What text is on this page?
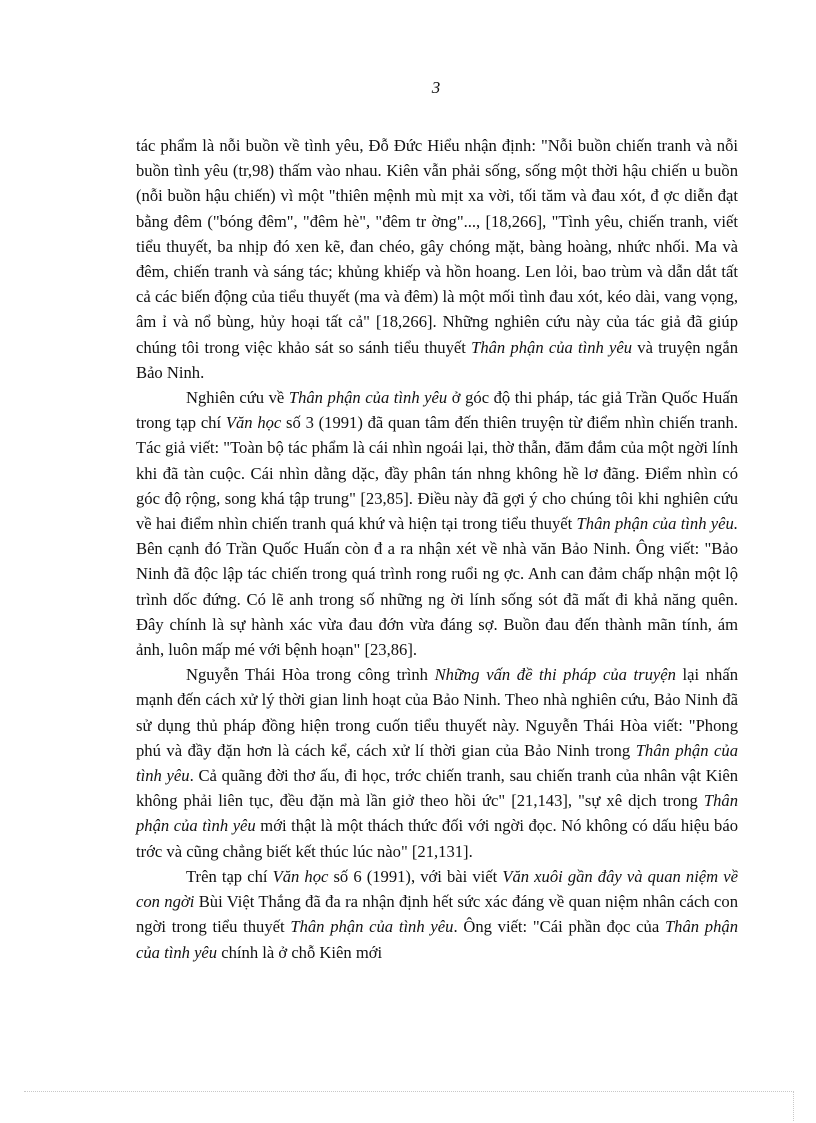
3

tác phẩm là nỗi buồn về tình yêu, Đỗ Đức Hiểu nhận định: "Nỗi buồn chiến tranh và nỗi buồn tình yêu (tr,98) thấm vào nhau. Kiên vẫn phải sống, sống một thời hậu chiến u buồn (nỗi buồn hậu chiến) vì một "thiên mệnh mù mịt xa vời, tối tăm và đau xót, đ ợc diễn đạt bằng đêm ("bóng đêm", "đêm hè", "đêm tr ờng"..., [18,266], "Tình yêu, chiến tranh, viết tiểu thuyết, ba nhịp đó xen kẽ, đan chéo, gây chóng mặt, bàng hoàng, nhức nhối. Ma và đêm, chiến tranh và sáng tác; khủng khiếp và hồn hoang. Len lỏi, bao trùm và dẫn dắt tất cả các biến động của tiểu thuyết (ma và đêm) là một mối tình đau xót, kéo dài, vang vọng, âm ỉ và nổ bùng, hủy hoại tất cả" [18,266]. Những nghiên cứu này của tác giả đã giúp chúng tôi trong việc khảo sát so sánh tiểu thuyết Thân phận của tình yêu và truyện ngắn Bảo Ninh.

Nghiên cứu về Thân phận của tình yêu ở góc độ thi pháp, tác giả Trần Quốc Huấn trong tạp chí Văn học số 3 (1991) đã quan tâm đến thiên truyện từ điểm nhìn chiến tranh. Tác giả viết: "Toàn bộ tác phẩm là cái nhìn ngoái lại, thờ thẫn, đăm đắm của một ngời lính khi đã tàn cuộc. Cái nhìn dằng dặc, đầy phân tán nhng không hề lơ đãng. Điểm nhìn có góc độ rộng, song khá tập trung" [23,85]. Điều này đã gợi ý cho chúng tôi khi nghiên cứu về hai điểm nhìn chiến tranh quá khứ và hiện tại trong tiểu thuyết Thân phận của tình yêu. Bên cạnh đó Trần Quốc Huấn còn đ a ra nhận xét về nhà văn Bảo Ninh. Ông viết: "Bảo Ninh đã độc lập tác chiến trong quá trình rong ruổi ng ợc. Anh can đảm chấp nhận một lộ trình dốc đứng. Có lẽ anh trong số những ng ời lính sống sót đã mất đi khả năng quên. Đây chính là sự hành xác vừa đau đớn vừa đáng sợ. Buồn đau đến thành mãn tính, ám ảnh, luôn mấp mé với bệnh hoạn" [23,86].

Nguyễn Thái Hòa trong công trình Những vấn đề thi pháp của truyện lại nhấn mạnh đến cách xử lý thời gian linh hoạt của Bảo Ninh. Theo nhà nghiên cứu, Bảo Ninh đã sử dụng thủ pháp đồng hiện trong cuốn tiểu thuyết này. Nguyễn Thái Hòa viết: "Phong phú và đầy đặn hơn là cách kể, cách xử lí thời gian của Bảo Ninh trong Thân phận của tình yêu. Cả quãng đời thơ ấu, đi học, trớc chiến tranh, sau chiến tranh của nhân vật Kiên không phải liên tục, đều đặn mà lần giở theo hồi ức" [21,143], "sự xê dịch trong Thân phận của tình yêu mới thật là một thách thức đối với ngời đọc. Nó không có dấu hiệu báo trớc và cũng chẳng biết kết thúc lúc nào" [21,131].

Trên tạp chí Văn học số 6 (1991), với bài viết Văn xuôi gần đây và quan niệm về con ngời Bùi Việt Thắng đã đa ra nhận định hết sức xác đáng về quan niệm nhân cách con ngời trong tiểu thuyết Thân phận của tình yêu. Ông viết: "Cái phần đọc của Thân phận của tình yêu chính là ở chỗ Kiên mới
